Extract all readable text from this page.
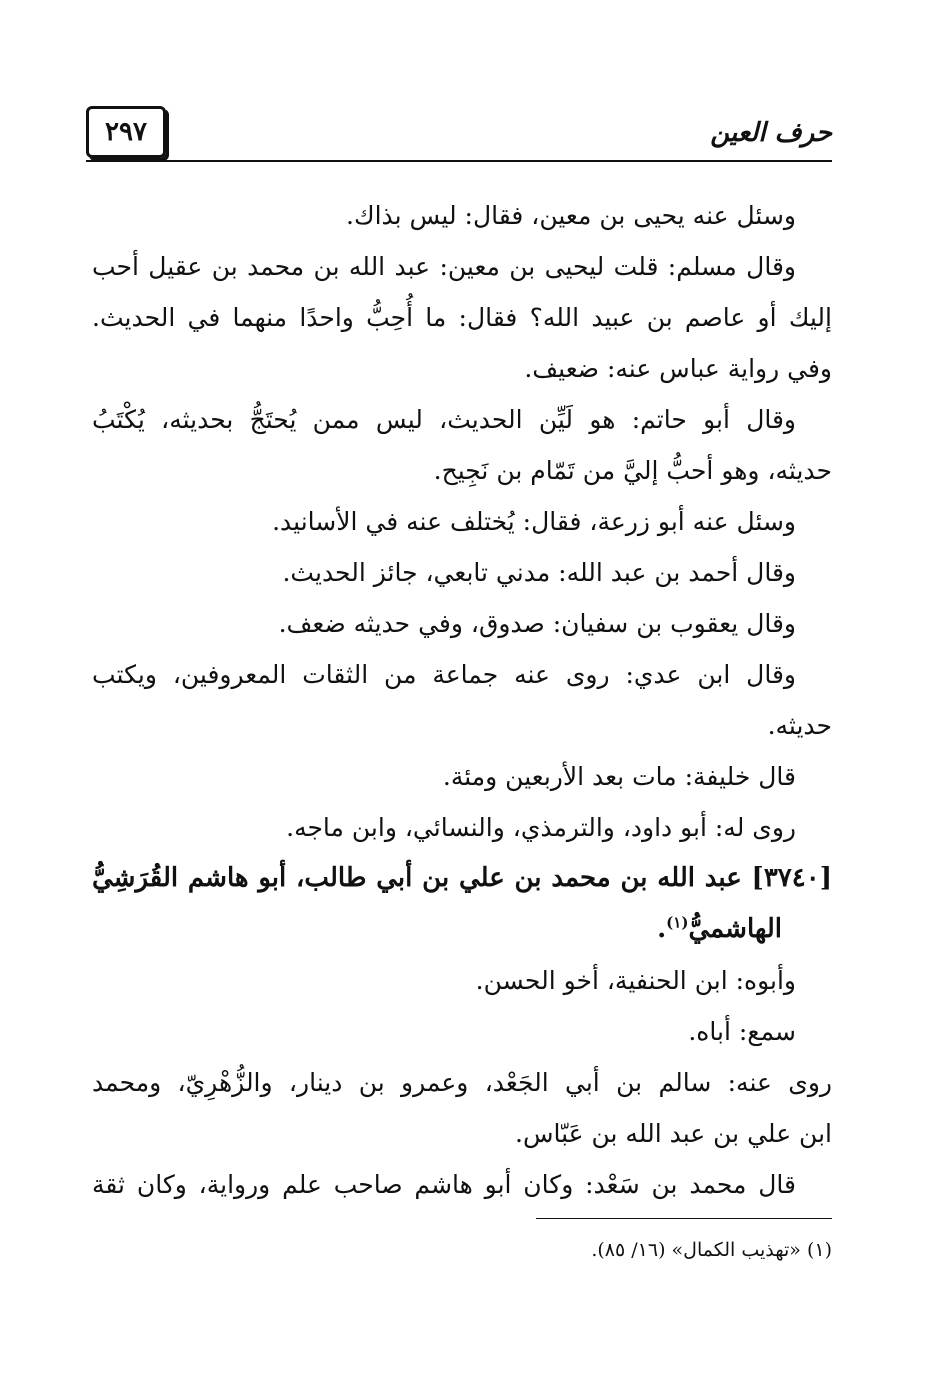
حرف العين
٢٩٧
وسئل عنه يحيى بن معين، فقال: ليس بذاك.
وقال مسلم: قلت ليحيى بن معين: عبد الله بن محمد بن عقيل أحب
إليك أو عاصم بن عبيد الله؟ فقال: ما أُحِبُّ واحدًا منهما في الحديث.
وفي رواية عباس عنه: ضعيف.
وقال أبو حاتم: هو لَيِّن الحديث، ليس ممن يُحتَجُّ بحديثه، يُكْتَبُ
حديثه، وهو أحبُّ إليَّ من تَمّام بن نَجِيح.
وسئل عنه أبو زرعة، فقال: يُختلف عنه في الأسانيد.
وقال أحمد بن عبد الله: مدني تابعي، جائز الحديث.
وقال يعقوب بن سفيان: صدوق، وفي حديثه ضعف.
وقال ابن عدي: روى عنه جماعة من الثقات المعروفين، ويكتب
حديثه.
قال خليفة: مات بعد الأربعين ومئة.
روى له: أبو داود، والترمذي، والنسائي، وابن ماجه.
[٣٧٤٠] عبد الله بن محمد بن علي بن أبي طالب، أبو هاشم القُرَشِيُّ
الهاشميُّ$^{(١)}$.
وأبوه: ابن الحنفية، أخو الحسن.
سمع: أباه.
روى عنه: سالم بن أبي الجَعْد، وعمرو بن دينار، والزُّهْرِيّ، ومحمد
ابن علي بن عبد الله بن عَبّاس.
قال محمد بن سَعْد: وكان أبو هاشم صاحب علم ورواية، وكان ثقة
(١) «تهذيب الكمال» (١٦/ ٨٥).
